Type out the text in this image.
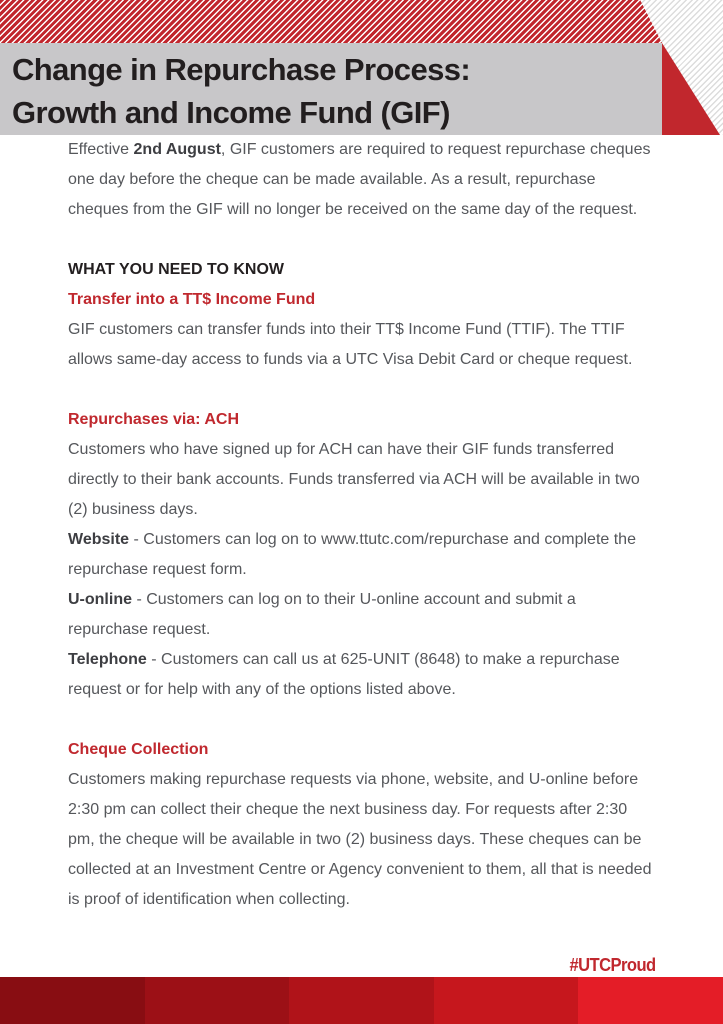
Change in Repurchase Process:
Growth and Income Fund (GIF)

Effective 2nd August, GIF customers are required to request repurchase cheques one day before the cheque can be made available. As a result, repurchase cheques from the GIF will no longer be received on the same day of the request.

WHAT YOU NEED TO KNOW

Transfer into a TT$ Income Fund

GIF customers can transfer funds into their TT$ Income Fund (TTIF). The TTIF allows same-day access to funds via a UTC Visa Debit Card or cheque request.

Repurchases via: ACH

Customers who have signed up for ACH can have their GIF funds transferred directly to their bank accounts. Funds transferred via ACH will be available in two (2) business days.

Website - Customers can log on to www.ttutc.com/repurchase and complete the repurchase request form.

U-online - Customers can log on to their U-online account and submit a repurchase request.

Telephone - Customers can call us at 625-UNIT (8648) to make a repurchase request or for help with any of the options listed above.

Cheque Collection

Customers making repurchase requests via phone, website, and U-online before 2:30 pm can collect their cheque the next business day. For requests after 2:30 pm, the cheque will be available in two (2) business days. These cheques can be collected at an Investment Centre or Agency convenient to them, all that is needed is proof of identification when collecting.

#UTCProud
